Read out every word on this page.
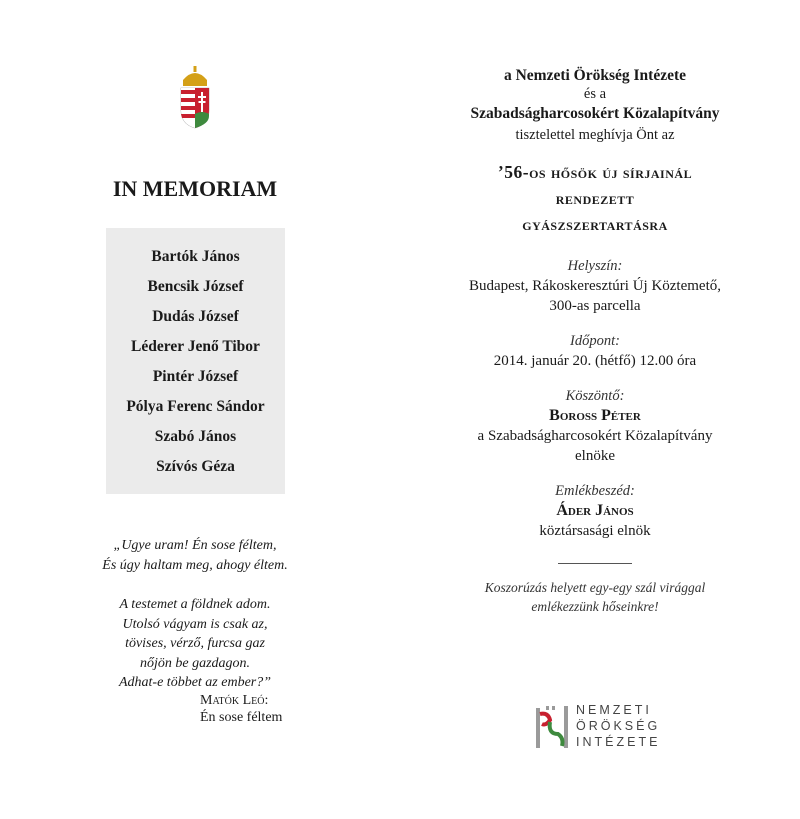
IN MEMORIAM
Bartók János
Bencsik József
Dudás József
Léderer Jenő Tibor
Pintér József
Pólya Ferenc Sándor
Szabó János
Szívós Géza
„Ugye uram! Én sose féltem,
És úgy haltam meg, ahogy éltem.
A testemet a földnek adom.
Utolsó vágyam is csak az,
tövises, vérző, furcsa gaz
nőjön be gazdagon.
Adhat-e többet az ember?”
Matók Leó:
Én sose féltem
a Nemzeti Örökség Intézete
és a
Szabadságharcosokért Közalapítvány
tisztelettel meghívja Önt az
’56-os hősök új sírjainál
rendezett
gyászszertartásra
Helyszín:
Budapest, Rákoskeresztúri Új Köztemető,
300-as parcella
Időpont:
2014. január 20. (hétfő) 12.00 óra
Köszöntő:
Boross Péter
a Szabadságharcosokért Közalapítvány
elnöke
Emlékbeszéd:
Áder János
köztársasági elnök
Koszorúzás helyett egy-egy szál virággal
emlékezzünk hőseinkre!
NEMZETI
ÖRÖKSÉG
INTÉZETE
